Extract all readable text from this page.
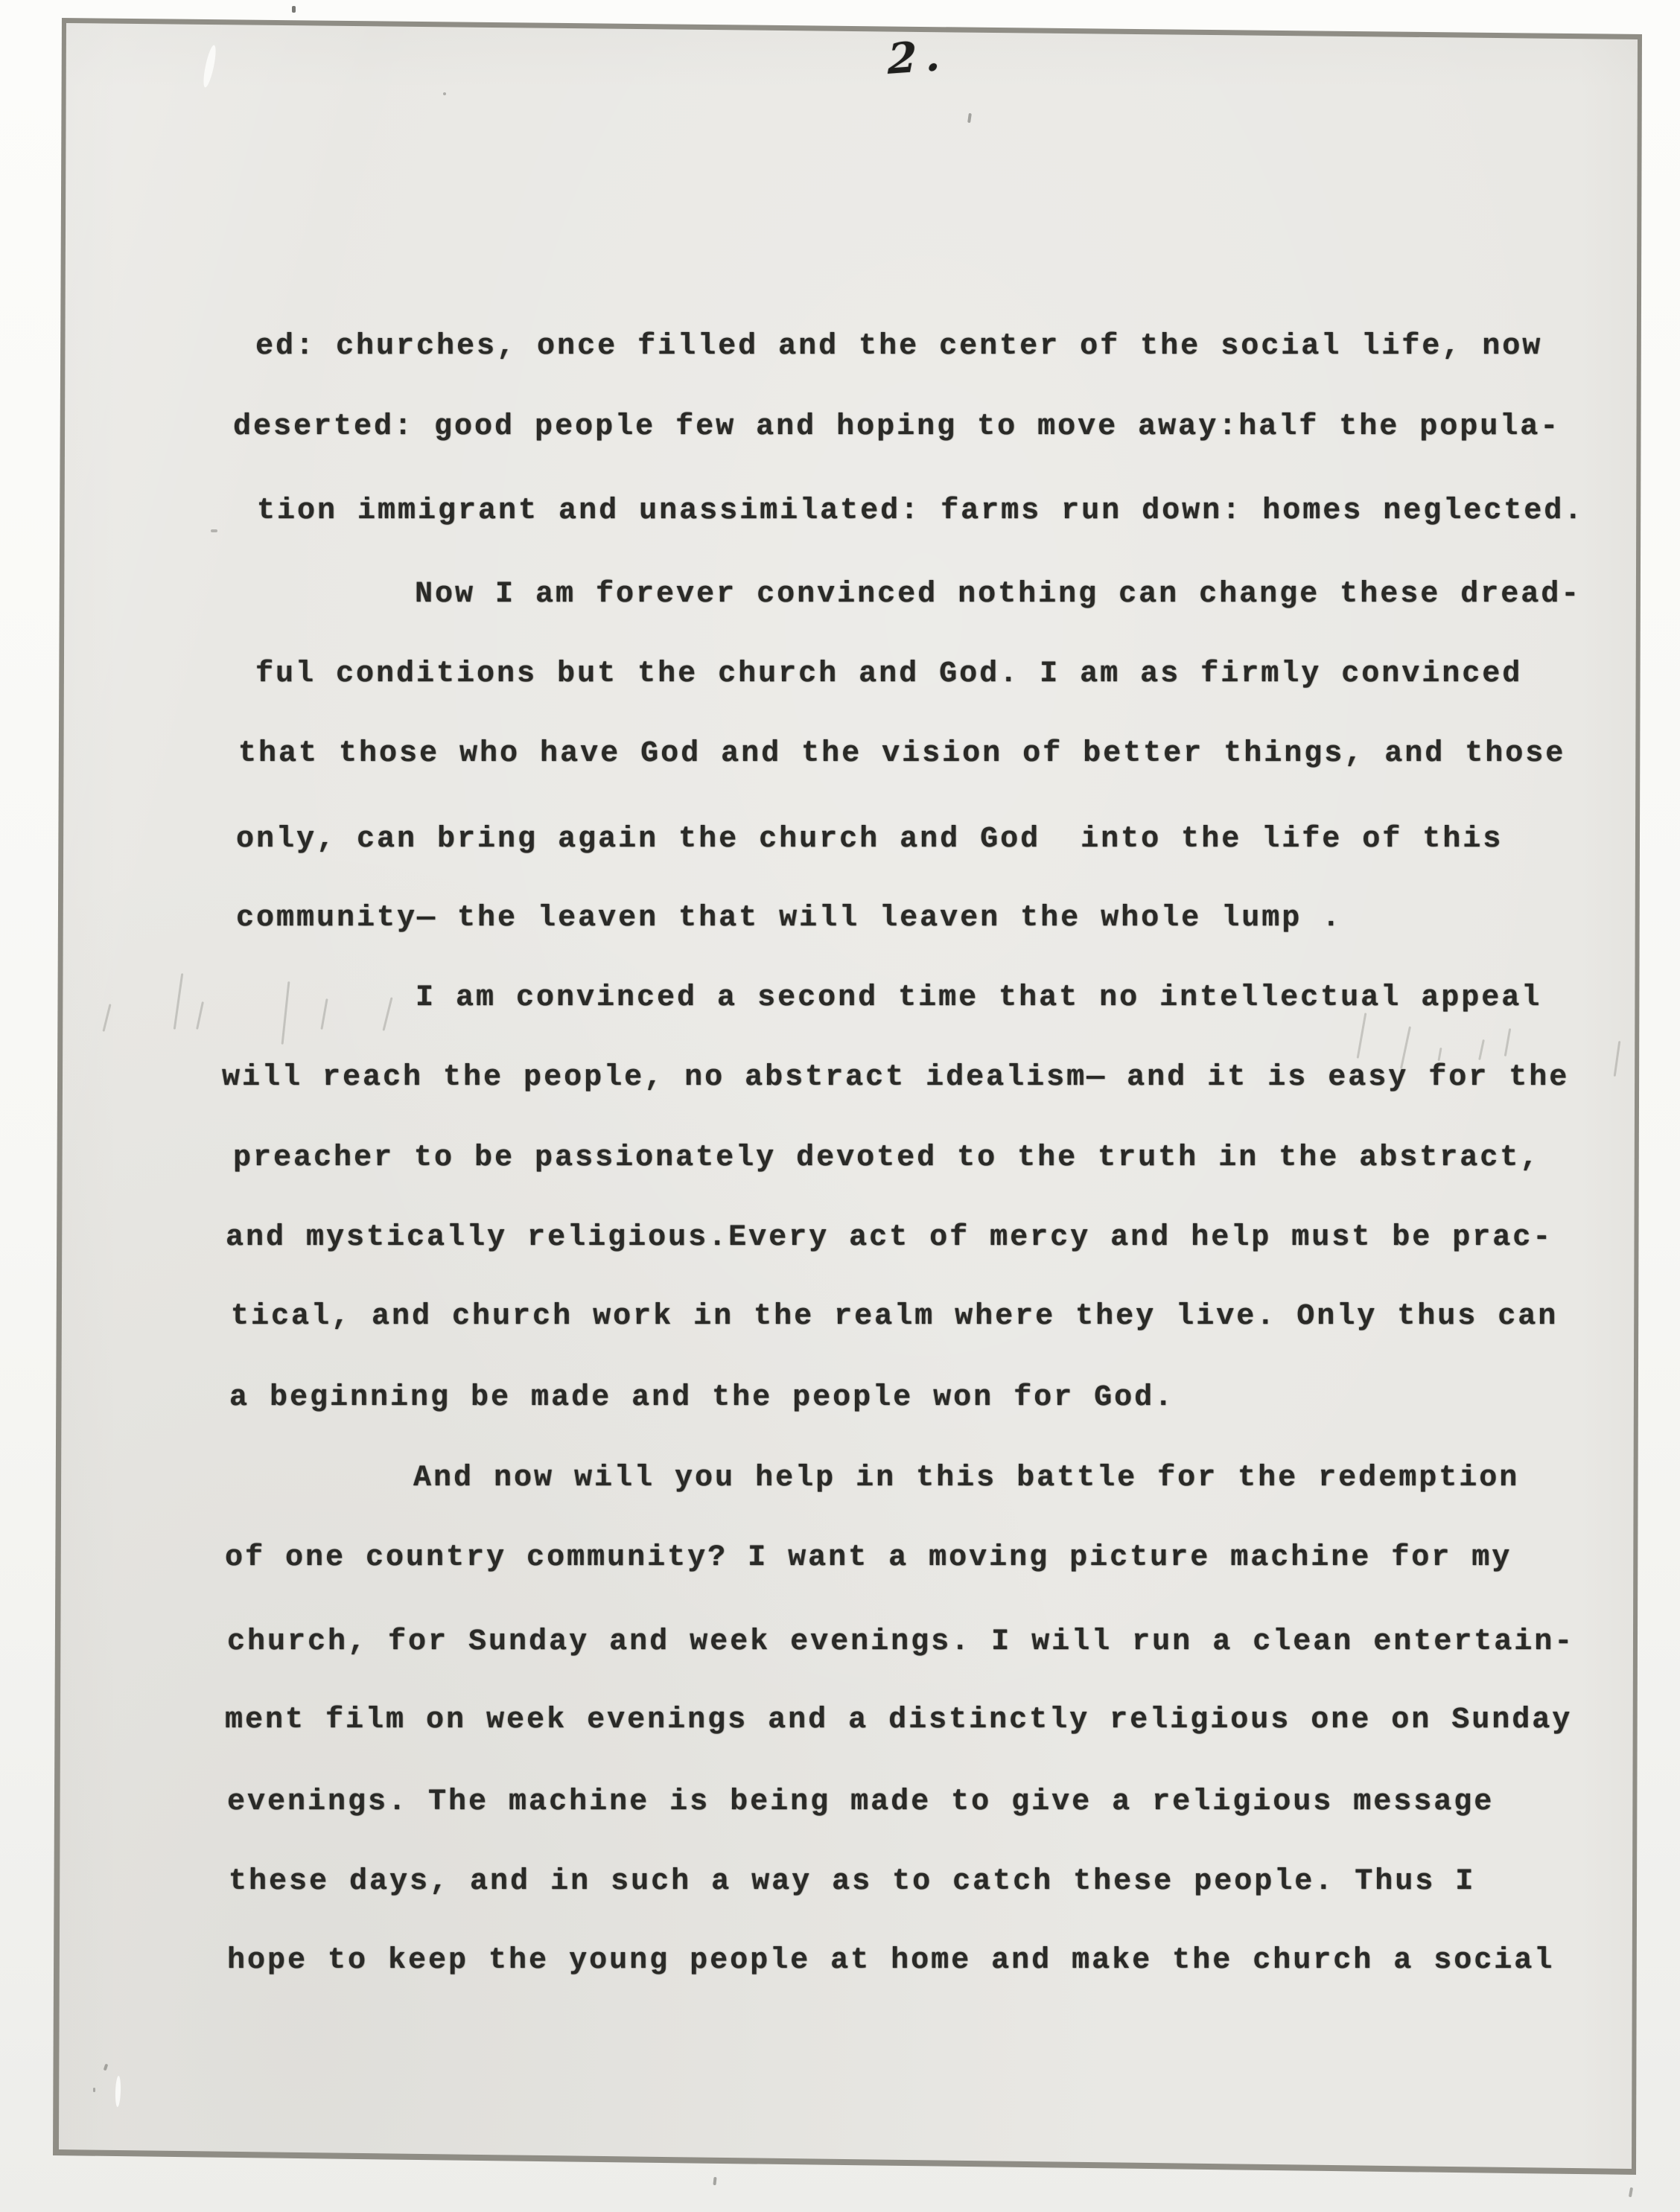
2.
ed: churches, once filled and the center of the social life, now
deserted: good people few and hoping to move away:half the popula-
tion immigrant and unassimilated: farms run down: homes neglected.
Now I am forever convinced nothing can change these dread-
ful conditions but the church and God. I am as firmly convinced
that those who have God and the vision of better things, and those
only, can bring again the church and God  into the life of this
community— the leaven that will leaven the whole lump .
I am convinced a second time that no intellectual appeal
will reach the people, no abstract idealism— and it is easy for the
preacher to be passionately devoted to the truth in the abstract,
and mystically religious.Every act of mercy and help must be prac-
tical, and church work in the realm where they live. Only thus can
a beginning be made and the people won for God.
And now will you help in this battle for the redemption
of one country community? I want a moving picture machine for my
church, for Sunday and week evenings. I will run a clean entertain-
ment film on week evenings and a distinctly religious one on Sunday
evenings. The machine is being made to give a religious message
these days, and in such a way as to catch these people. Thus I
hope to keep the young people at home and make the church a social
